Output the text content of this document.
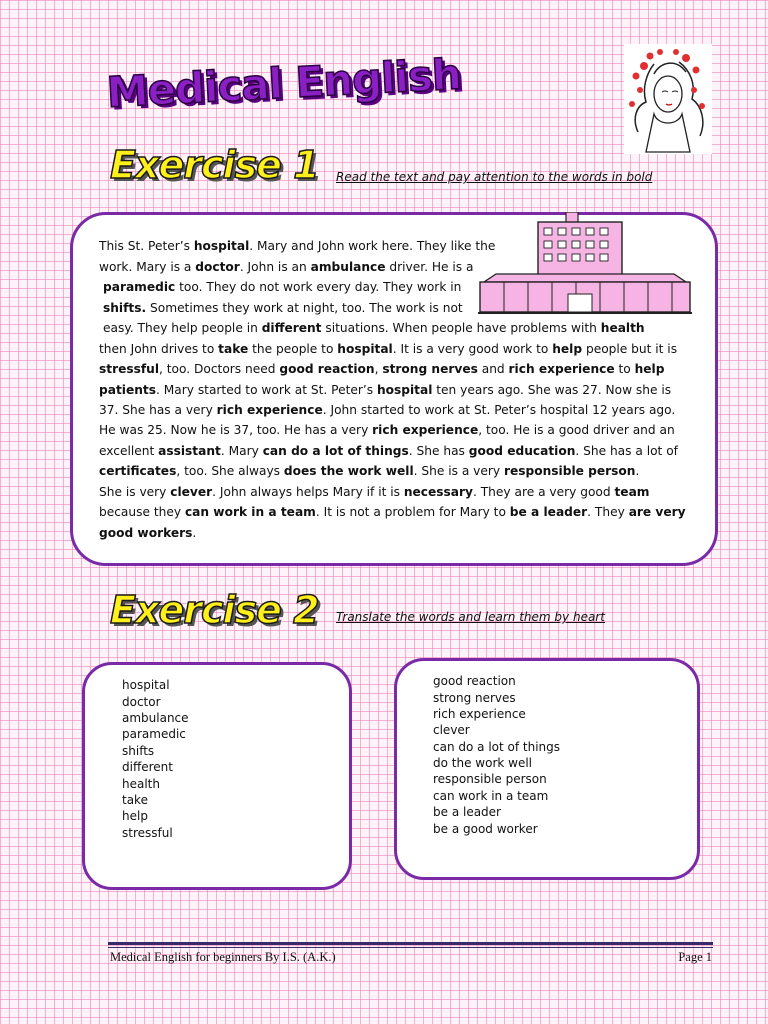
Medical English
Exercise 1 Read the text and pay attention to the words in bold
This St. Peter’s hospital. Mary and John work here. They like the
work. Mary is a doctor. John is an ambulance driver. He is a
paramedic too. They do not work every day. They work in
shifts. Sometimes they work at night, too. The work is not
easy. They help people in different situations. When people have problems with health
then John drives to take the people to hospital. It is a very good work to help people but it is
stressful, too. Doctors need good reaction, strong nerves and rich experience to help
patients. Mary started to work at St. Peter’s hospital ten years ago. She was 27. Now she is
37. She has a very rich experience. John started to work at St. Peter’s hospital 12 years ago.
He was 25. Now he is 37, too. He has a very rich experience, too. He is a good driver and an
excellent assistant. Mary can do a lot of things. She has good education. She has a lot of
certificates, too. She always does the work well. She is a very responsible person.
She is very clever. John always helps Mary if it is necessary. They are a very good team
because they can work in a team. It is not a problem for Mary to be a leader. They are very
good workers.
Exercise 2 Translate the words and learn them by heart
hospital
doctor
ambulance
paramedic
shifts
different
health
take
help
stressful
good reaction
strong nerves
rich experience
clever
can do a lot of things
do the work well
responsible person
can work in a team
be a leader
be a good worker
Medical English for beginners By I.S. (A.K.)	Page 1
